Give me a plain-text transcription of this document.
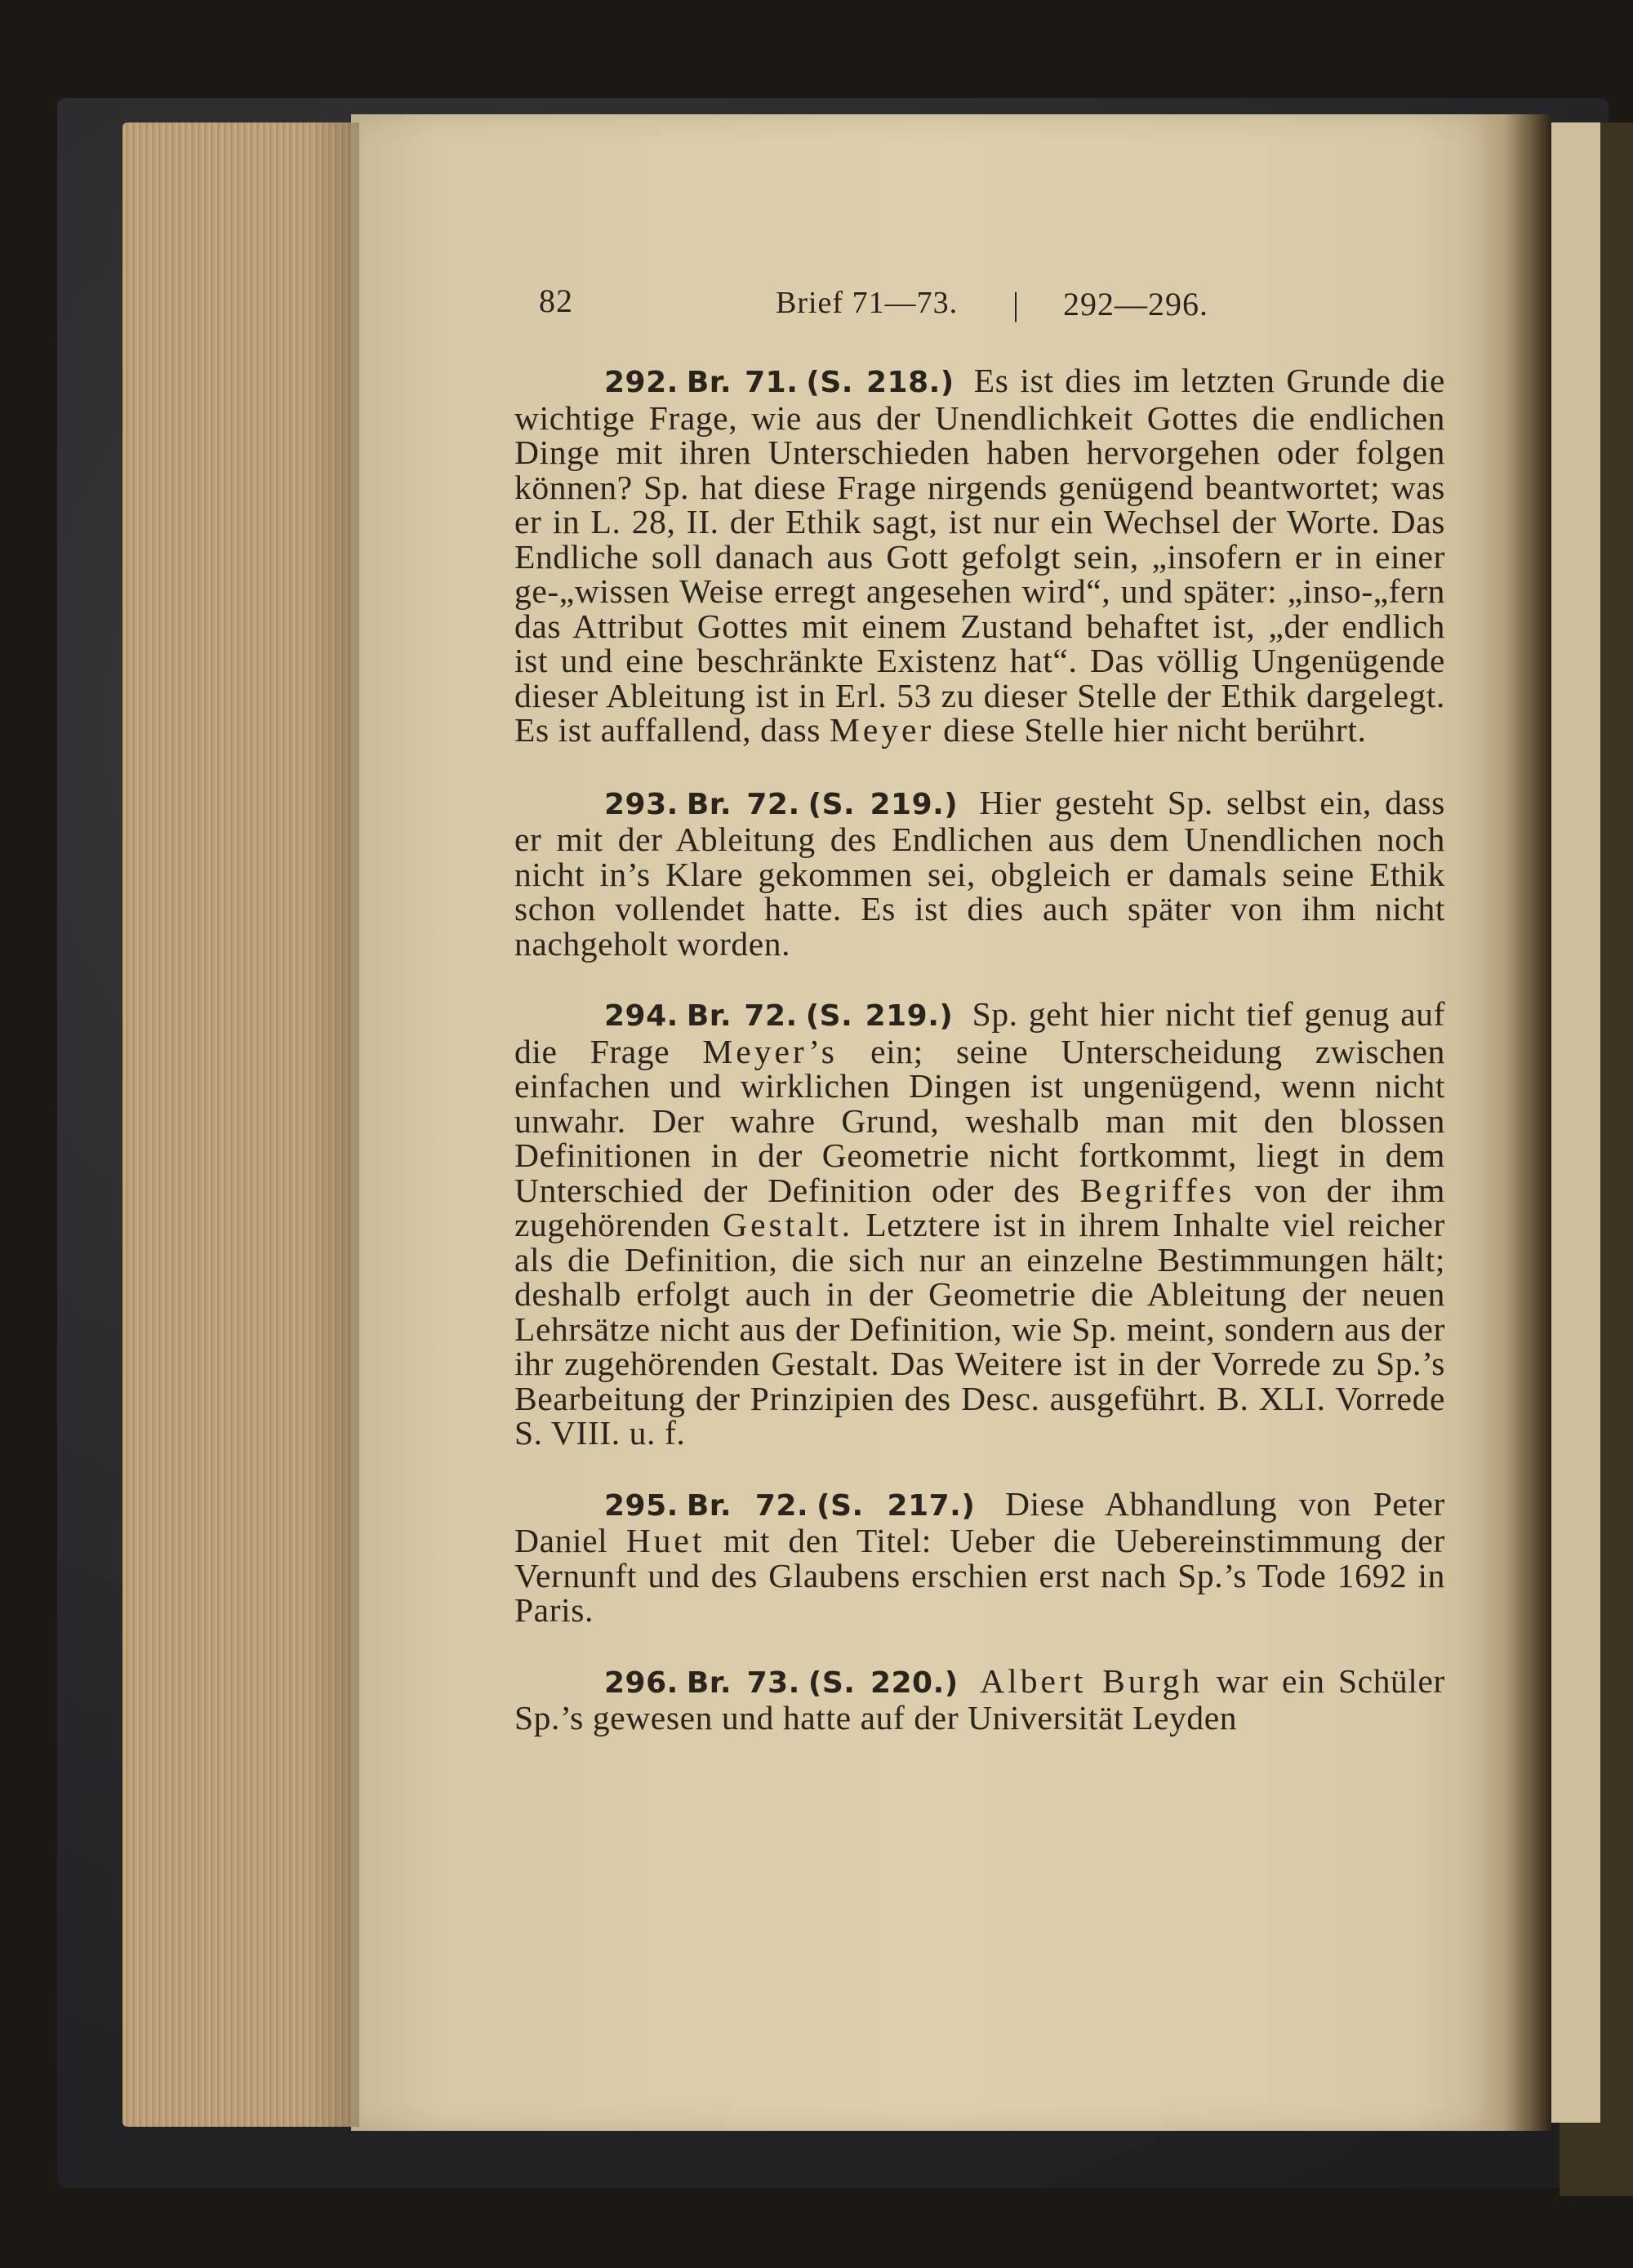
82	Brief 71—73. | 292—296.

292. Br. 71. (S. 218.) Es ist dies im letzten Grunde die wichtige Frage, wie aus der Unendlichkeit Gottes die endlichen Dinge mit ihren Unterschieden haben hervorgehen oder folgen können? Sp. hat diese Frage nirgends genügend beantwortet; was er in L. 28, II. der Ethik sagt, ist nur ein Wechsel der Worte. Das Endliche soll danach aus Gott gefolgt sein, „insofern er in einer ge-„wissen Weise erregt angesehen wird“, und später: „inso-„fern das Attribut Gottes mit einem Zustand behaftet ist, „der endlich ist und eine beschränkte Existenz hat“. Das völlig Ungenügende dieser Ableitung ist in Erl. 53 zu dieser Stelle der Ethik dargelegt. Es ist auffallend, dass Meyer diese Stelle hier nicht berührt.

293. Br. 72. (S. 219.) Hier gesteht Sp. selbst ein, dass er mit der Ableitung des Endlichen aus dem Unendlichen noch nicht in’s Klare gekommen sei, obgleich er damals seine Ethik schon vollendet hatte. Es ist dies auch später von ihm nicht nachgeholt worden.

294. Br. 72. (S. 219.) Sp. geht hier nicht tief genug auf die Frage Meyer’s ein; seine Unterscheidung zwischen einfachen und wirklichen Dingen ist ungenügend, wenn nicht unwahr. Der wahre Grund, weshalb man mit den blossen Definitionen in der Geometrie nicht fortkommt, liegt in dem Unterschied der Definition oder des Begriffes von der ihm zugehörenden Gestalt. Letztere ist in ihrem Inhalte viel reicher als die Definition, die sich nur an einzelne Bestimmungen hält; deshalb erfolgt auch in der Geometrie die Ableitung der neuen Lehrsätze nicht aus der Definition, wie Sp. meint, sondern aus der ihr zugehörenden Gestalt. Das Weitere ist in der Vorrede zu Sp.’s Bearbeitung der Prinzipien des Desc. ausgeführt. B. XLI. Vorrede S. VIII. u. f.

295. Br. 72. (S. 217.) Diese Abhandlung von Peter Daniel Huet mit den Titel: Ueber die Uebereinstimmung der Vernunft und des Glaubens erschien erst nach Sp.’s Tode 1692 in Paris.

296. Br. 73. (S. 220.) Albert Burgh war ein Schüler Sp.’s gewesen und hatte auf der Universität Leyden
